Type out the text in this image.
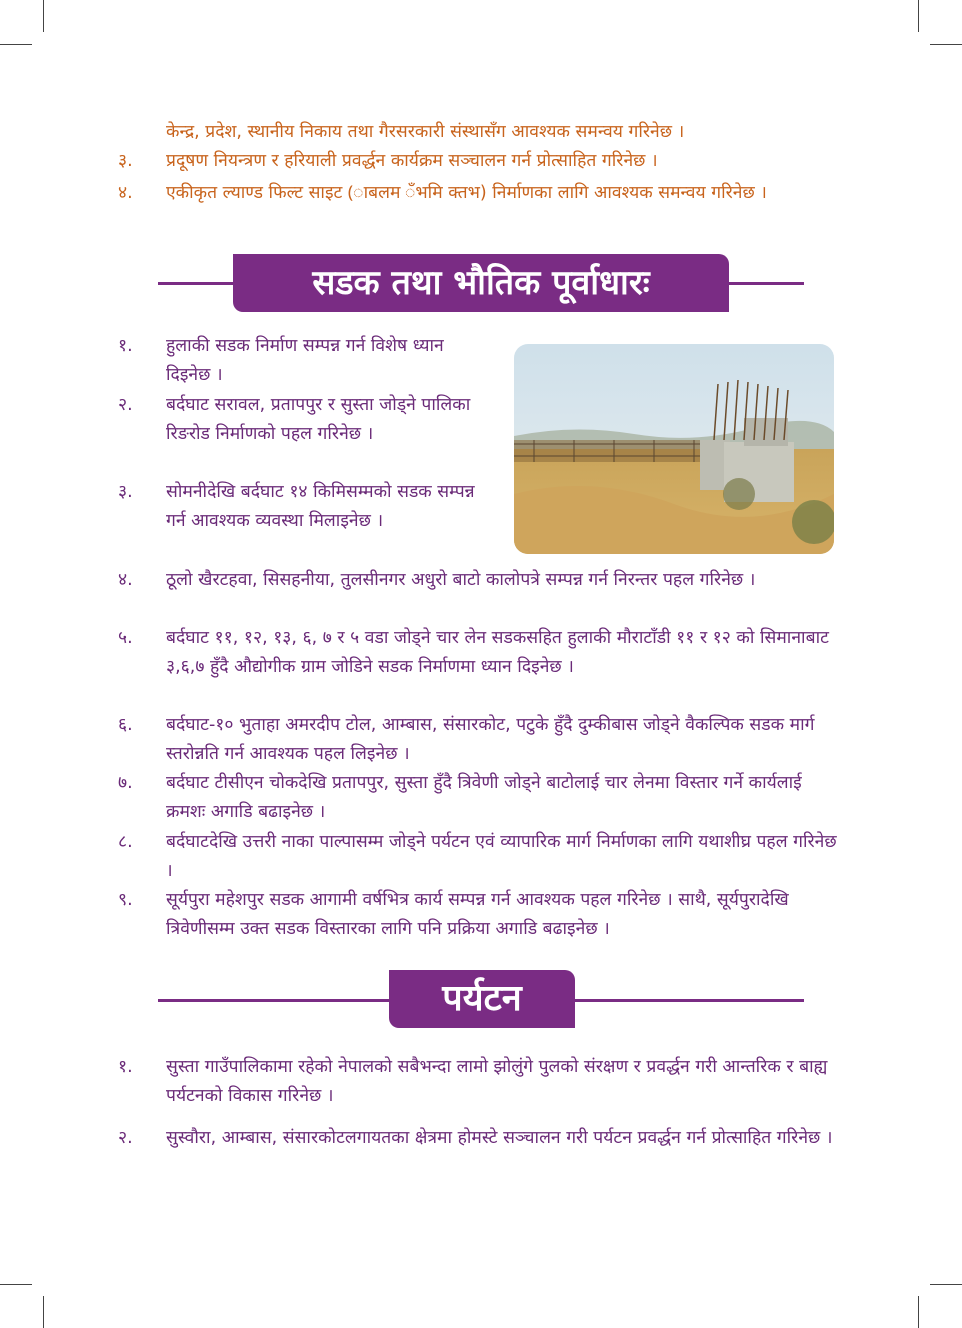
केन्द्र, प्रदेश, स्थानीय निकाय तथा गैरसरकारी संस्थासँग आवश्यक समन्वय गरिनेछ ।
३. प्रदूषण नियन्त्रण र हरियाली प्रवर्द्धन कार्यक्रम सञ्चालन गर्न प्रोत्साहित गरिनेछ ।
४. एकीकृत ल्याण्ड फिल्ट साइट (ाबलम ँभमि क्तभ) निर्माणका लागि आवश्यक समन्वय गरिनेछ ।
सडक तथा भौतिक पूर्वाधारः
१. हुलाकी सडक निर्माण सम्पन्न गर्न विशेष ध्यान दिइनेछ ।
२. बर्दघाट सरावल, प्रतापपुर र सुस्ता जोड्ने पालिका रिङरोड निर्माणको पहल गरिनेछ ।
३. सोमनीदेखि बर्दघाट १४ किमिसम्मको सडक सम्पन्न गर्न आवश्यक व्यवस्था मिलाइनेछ ।
४. ठूलो खैरटहवा, सिसहनीया, तुलसीनगर अधुरो बाटो कालोपत्रे सम्पन्न गर्न निरन्तर पहल गरिनेछ ।
५. बर्दघाट ११, १२, १३, ६, ७ र ५ वडा जोड्ने चार लेन सडकसहित हुलाकी मौराटाँडी ११ र १२ को सिमानाबाट ३,६,७ हुँदै औद्योगीक ग्राम जोडिने सडक निर्माणमा ध्यान दिइनेछ ।
६. बर्दघाट-१० भुताहा अमरदीप टोल, आम्बास, संसारकोट, पटुके हुँदै दुम्कीबास जोड्ने वैकल्पिक सडक मार्ग स्तरोन्नति गर्न आवश्यक पहल लिइनेछ ।
७. बर्दघाट टीसीएन चोकदेखि प्रतापपुर, सुस्ता हुँदै त्रिवेणी जोड्ने बाटोलाई चार लेनमा विस्तार गर्ने कार्यलाई क्रमशः अगाडि बढाइनेछ ।
८. बर्दघाटदेखि उत्तरी नाका पाल्पासम्म जोड्ने पर्यटन एवं व्यापारिक मार्ग निर्माणका लागि यथाशीघ्र पहल गरिनेछ ।
९. सूर्यपुरा महेशपुर सडक आगामी वर्षभित्र कार्य सम्पन्न गर्न आवश्यक पहल गरिनेछ । साथै, सूर्यपुरादेखि त्रिवेणीसम्म उक्त सडक विस्तारका लागि पनि प्रक्रिया अगाडि बढाइनेछ ।
पर्यटन
१. सुस्ता गाउँपालिकामा रहेको नेपालको सबैभन्दा लामो झोलुंगे पुलको संरक्षण र प्रवर्द्धन गरी आन्तरिक र बाह्य पर्यटनको विकास गरिनेछ ।
२. सुस्वौरा, आम्बास, संसारकोटलगायतका क्षेत्रमा होमस्टे सञ्चालन गरी पर्यटन प्रवर्द्धन गर्न प्रोत्साहित गरिनेछ ।
